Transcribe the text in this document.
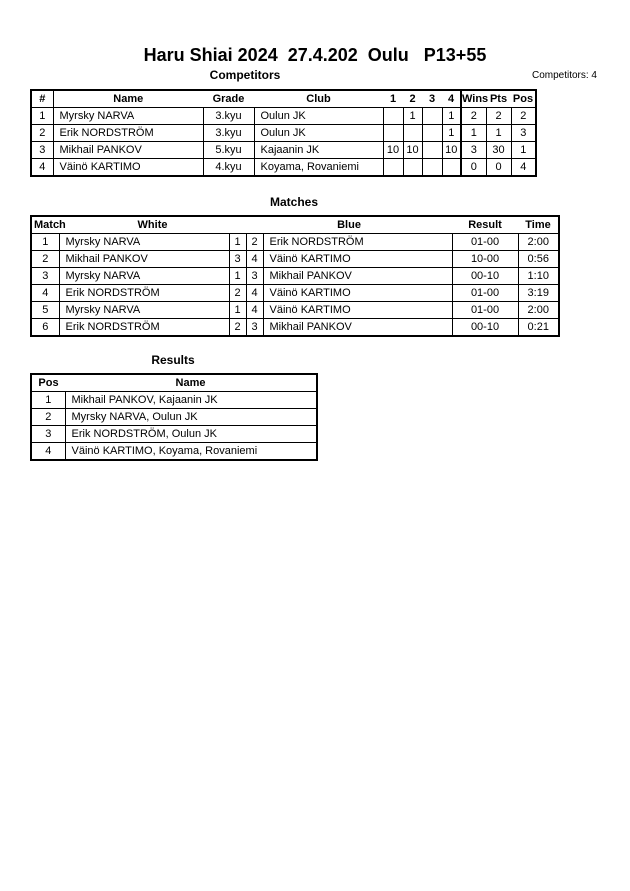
Haru Shiai 2024  27.4.202  Oulu   P13+55
Competitors	Competitors: 4
#	Name	Grade	Club	1	2	3	4	Wins	Pts	Pos
1	Myrsky NARVA	3.kyu	Oulun JK		1		1	2	2	2
2	Erik NORDSTRÖM	3.kyu	Oulun JK				1	1	1	3
3	Mikhail PANKOV	5.kyu	Kajaanin JK	10	10		10	3	30	1
4	Väinö KARTIMO	4.kyu	Koyama, Rovaniemi					0	0	4
Matches
Match	White		Blue		Result	Time
1	Myrsky NARVA	1	2	Erik NORDSTRÖM	01-00	2:00
2	Mikhail PANKOV	3	4	Väinö KARTIMO	10-00	0:56
3	Myrsky NARVA	1	3	Mikhail PANKOV	00-10	1:10
4	Erik NORDSTRÖM	2	4	Väinö KARTIMO	01-00	3:19
5	Myrsky NARVA	1	4	Väinö KARTIMO	01-00	2:00
6	Erik NORDSTRÖM	2	3	Mikhail PANKOV	00-10	0:21
Results
Pos	Name
1	Mikhail PANKOV, Kajaanin JK
2	Myrsky NARVA, Oulun JK
3	Erik NORDSTRÖM, Oulun JK
4	Väinö KARTIMO, Koyama, Rovaniemi
